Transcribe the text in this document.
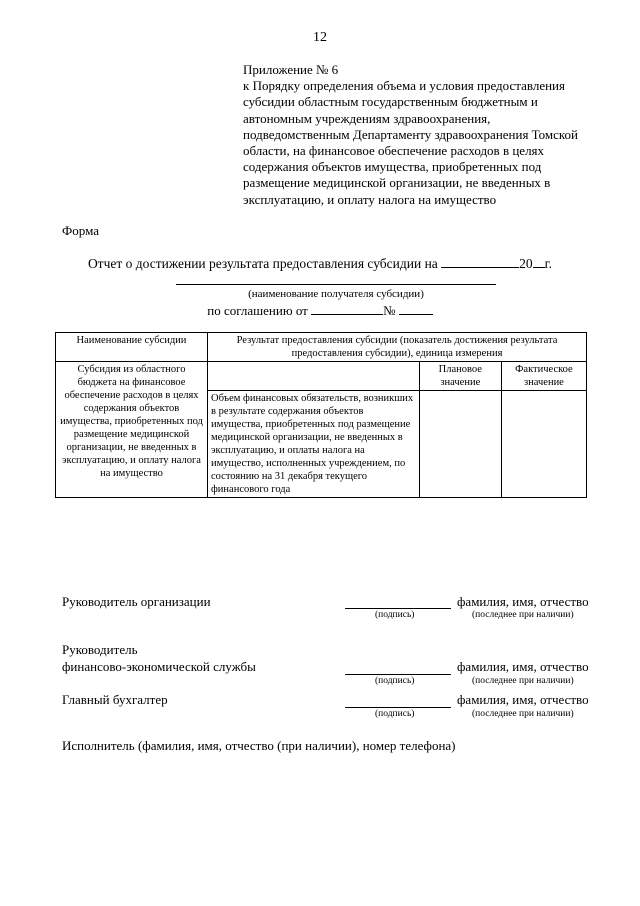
12
Приложение № 6
к Порядку определения объема и условия предоставления
субсидии областным государственным бюджетным и
автономным учреждениям здравоохранения,
подведомственным Департаменту здравоохранения Томской
области, на финансовое обеспечение расходов в целях
содержания объектов имущества, приобретенных под
размещение медицинской организации, не введенных в
эксплуатацию, и оплату налога на имущество
Форма
Отчет о достижении результата предоставления субсидии на	20 г.
(наименование получателя субсидии)
по соглашению от	№
Наименование субсидии	Результат предоставления субсидии (показатель достижения результата предоставления субсидии), единица измерения		
Субсидия из областного бюджета на финансовое обеспечение расходов в целях содержания объектов имущества, приобретенных под размещение медицинской организации, не введенных в эксплуатацию, и оплату налога на имущество		Плановое значение	Фактическое значение
	Объем финансовых обязательств, возникших в результате содержания объектов имущества, приобретенных под размещение медицинской организации, не введенных в эксплуатацию, и оплаты налога на имущество, исполненных учреждением, по состоянию на 31 декабря текущего финансового года		
Руководитель организации
(подпись)
фамилия, имя, отчество
(последнее при наличии)
Руководитель
финансово-экономической службы
(подпись)
фамилия, имя, отчество
(последнее при наличии)
Главный бухгалтер
(подпись)
фамилия, имя, отчество
(последнее при наличии)
Исполнитель (фамилия, имя, отчество (при наличии), номер телефона)
